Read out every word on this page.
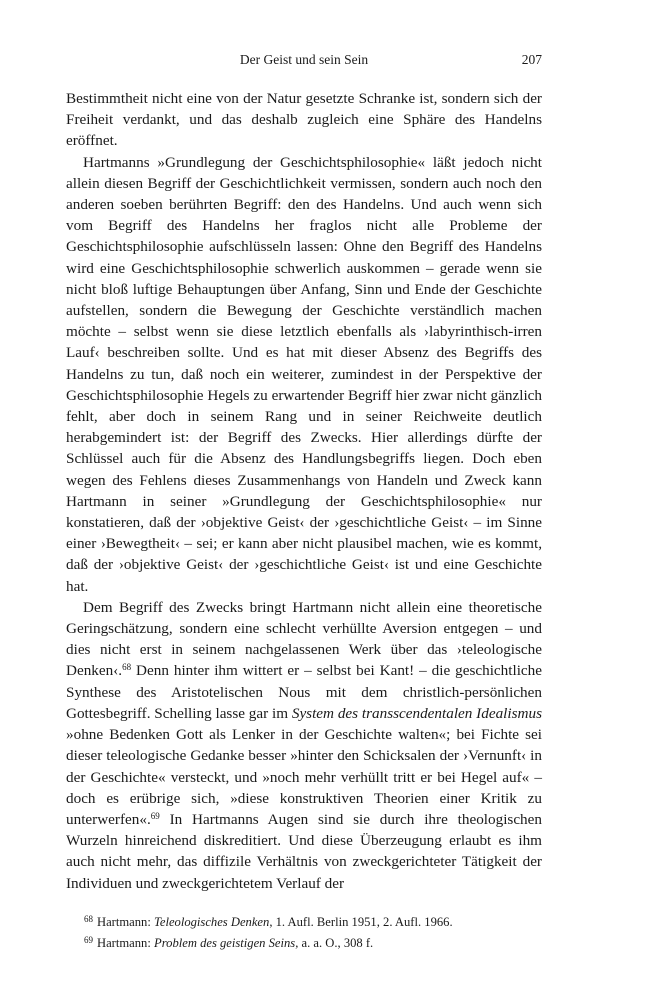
Der Geist und sein Sein	207

Bestimmtheit nicht eine von der Natur gesetzte Schranke ist, sondern sich der Freiheit verdankt, und das deshalb zugleich eine Sphäre des Handelns eröffnet.

Hartmanns »Grundlegung der Geschichtsphilosophie« läßt jedoch nicht allein diesen Begriff der Geschichtlichkeit vermissen, sondern auch noch den anderen soeben berührten Begriff: den des Handelns. Und auch wenn sich vom Begriff des Handelns her fraglos nicht alle Probleme der Geschichtsphilosophie aufschlüsseln lassen: Ohne den Begriff des Handelns wird eine Geschichtsphilosophie schwerlich auskommen – gerade wenn sie nicht bloß luftige Behauptungen über Anfang, Sinn und Ende der Geschichte aufstellen, sondern die Bewegung der Geschichte verständlich machen möchte – selbst wenn sie diese letztlich ebenfalls als ›labyrinthisch-irren Lauf‹ beschreiben sollte. Und es hat mit dieser Absenz des Begriffs des Handelns zu tun, daß noch ein weiterer, zumindest in der Perspektive der Geschichtsphilosophie Hegels zu erwartender Begriff hier zwar nicht gänzlich fehlt, aber doch in seinem Rang und in seiner Reichweite deutlich herabgemindert ist: der Begriff des Zwecks. Hier allerdings dürfte der Schlüssel auch für die Absenz des Handlungsbegriffs liegen. Doch eben wegen des Fehlens dieses Zusammenhangs von Handeln und Zweck kann Hartmann in seiner »Grundlegung der Geschichtsphilosophie« nur konstatieren, daß der ›objektive Geist‹ der ›geschichtliche Geist‹ – im Sinne einer ›Bewegtheit‹ – sei; er kann aber nicht plausibel machen, wie es kommt, daß der ›objektive Geist‹ der ›geschichtliche Geist‹ ist und eine Geschichte hat.

Dem Begriff des Zwecks bringt Hartmann nicht allein eine theoretische Geringschätzung, sondern eine schlecht verhüllte Aversion entgegen – und dies nicht erst in seinem nachgelassenen Werk über das ›teleologische Denken‹.$^{68}$ Denn hinter ihm wittert er – selbst bei Kant! – die geschichtliche Synthese des Aristotelischen Nous mit dem christlich-persönlichen Gottesbegriff. Schelling lasse gar im System des transscendentalen Idealismus »ohne Bedenken Gott als Lenker in der Geschichte walten«; bei Fichte sei dieser teleologische Gedanke besser »hinter den Schicksalen der ›Vernunft‹ in der Geschichte« versteckt, und »noch mehr verhüllt tritt er bei Hegel auf« – doch es erübrige sich, »diese konstruktiven Theorien einer Kritik zu unterwerfen«.$^{69}$ In Hartmanns Augen sind sie durch ihre theologischen Wurzeln hinreichend diskreditiert. Und diese Überzeugung erlaubt es ihm auch nicht mehr, das diffizile Verhältnis von zweckgerichteter Tätigkeit der Individuen und zweckgerichtetem Verlauf der

$^{68}$ Hartmann: Teleologisches Denken, 1. Aufl. Berlin 1951, 2. Aufl. 1966.
$^{69}$ Hartmann: Problem des geistigen Seins, a. a. O., 308 f.
